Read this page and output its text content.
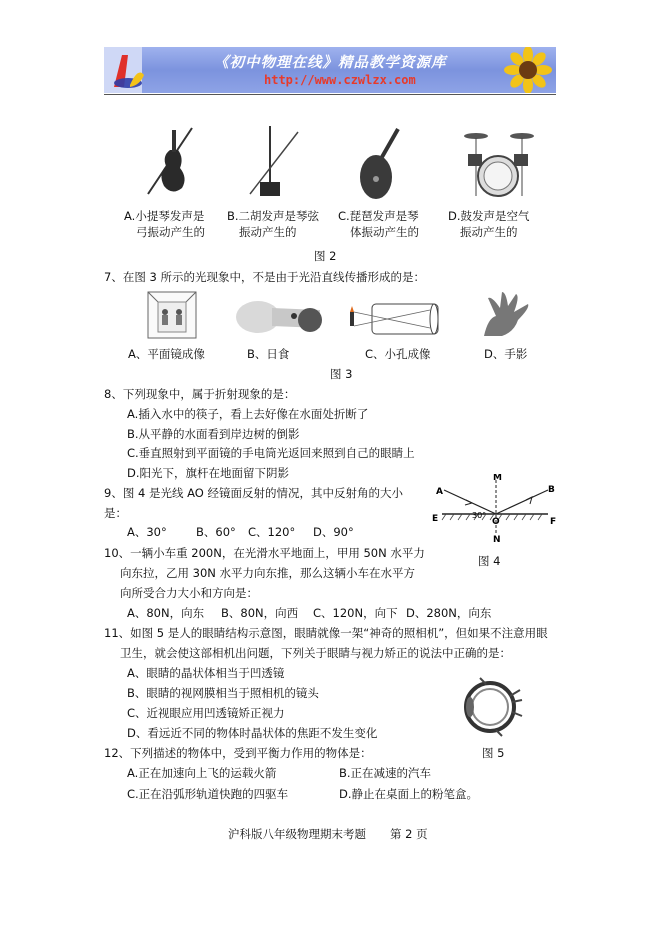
《初中物理在线》精品教学资源库
http://www.czwlzx.com
A.小提琴发声是
弓振动产生的
B.二胡发声是琴弦
振动产生的
C.琵琶发声是琴
体振动产生的
D.鼓发声是空气
振动产生的
图 2
7、在图 3 所示的光现象中，不是由于光沿直线传播形成的是：
A、平面镜成像	B、日食	C、小孔成像	D、手影
图 3
8、下列现象中，属于折射现象的是：
A.插入水中的筷子，看上去好像在水面处折断了
B.从平静的水面看到岸边树的倒影
C.垂直照射到平面镜的手电筒光返回来照到自己的眼睛上
D.阳光下，旗杆在地面留下阴影
9、图 4 是光线 AO 经镜面反射的情况，其中反射角的大小
是：
A、30°	B、60° C、120° D、90°
A	B
M
N
E	F
O
30°
图 4
10、一辆小车重 200N，在光滑水平地面上，甲用 50N 水平力
向东拉，乙用 30N 水平力向东推，那么这辆小车在水平方
向所受合力大小和方向是：
A、80N，向东 B、80N，向西 C、120N，向下 D、280N，向东
11、如图 5 是人的眼睛结构示意图，眼睛就像一架“神奇的照相机”，但如果不注意用眼
卫生，就会使这部相机出问题，下列关于眼睛与视力矫正的说法中正确的是：
A、眼睛的晶状体相当于凹透镜
B、眼睛的视网膜相当于照相机的镜头
C、近视眼应用凹透镜矫正视力
D、看远近不同的物体时晶状体的焦距不发生变化
图 5
12、下列描述的物体中，受到平衡力作用的物体是：
A.正在加速向上飞的运载火箭	B.正在减速的汽车
C.正在沿弧形轨道快跑的四驱车	D.静止在桌面上的粉笔盒。
沪科版八年级物理期末考题 第 2 页
